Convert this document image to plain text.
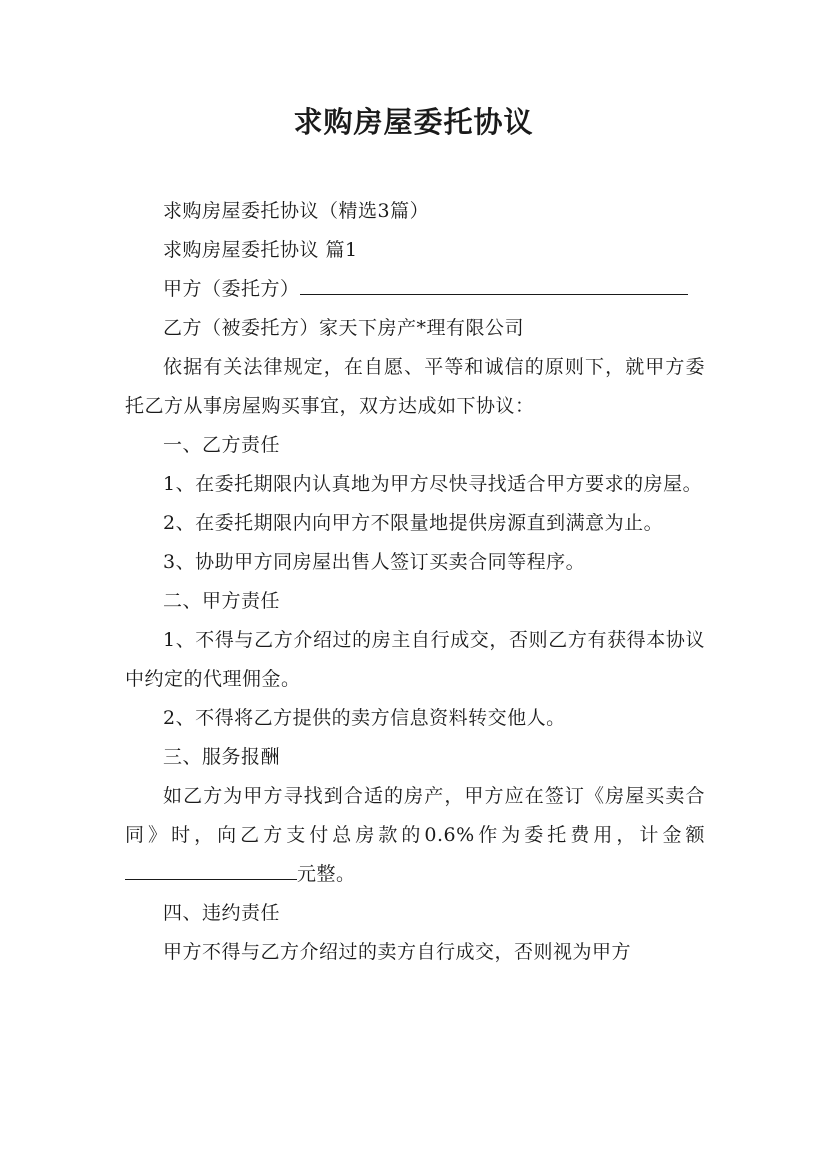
求购房屋委托协议

求购房屋委托协议（精选3篇）

求购房屋委托协议 篇1

甲方（委托方）

乙方（被委托方）家天下房产*理有限公司

依据有关法律规定，在自愿、平等和诚信的原则下，就甲方委托乙方从事房屋购买事宜，双方达成如下协议：

一、乙方责任

1、在委托期限内认真地为甲方尽快寻找适合甲方要求的房屋。

2、在委托期限内向甲方不限量地提供房源直到满意为止。

3、协助甲方同房屋出售人签订买卖合同等程序。

二、甲方责任

1、不得与乙方介绍过的房主自行成交，否则乙方有获得本协议中约定的代理佣金。

2、不得将乙方提供的卖方信息资料转交他人。

三、服务报酬

如乙方为甲方寻找到合适的房产，甲方应在签订《房屋买卖合同》时，向乙方支付总房款的0.6%作为委托费用，计金额元整。

四、违约责任

甲方不得与乙方介绍过的卖方自行成交，否则视为甲方
